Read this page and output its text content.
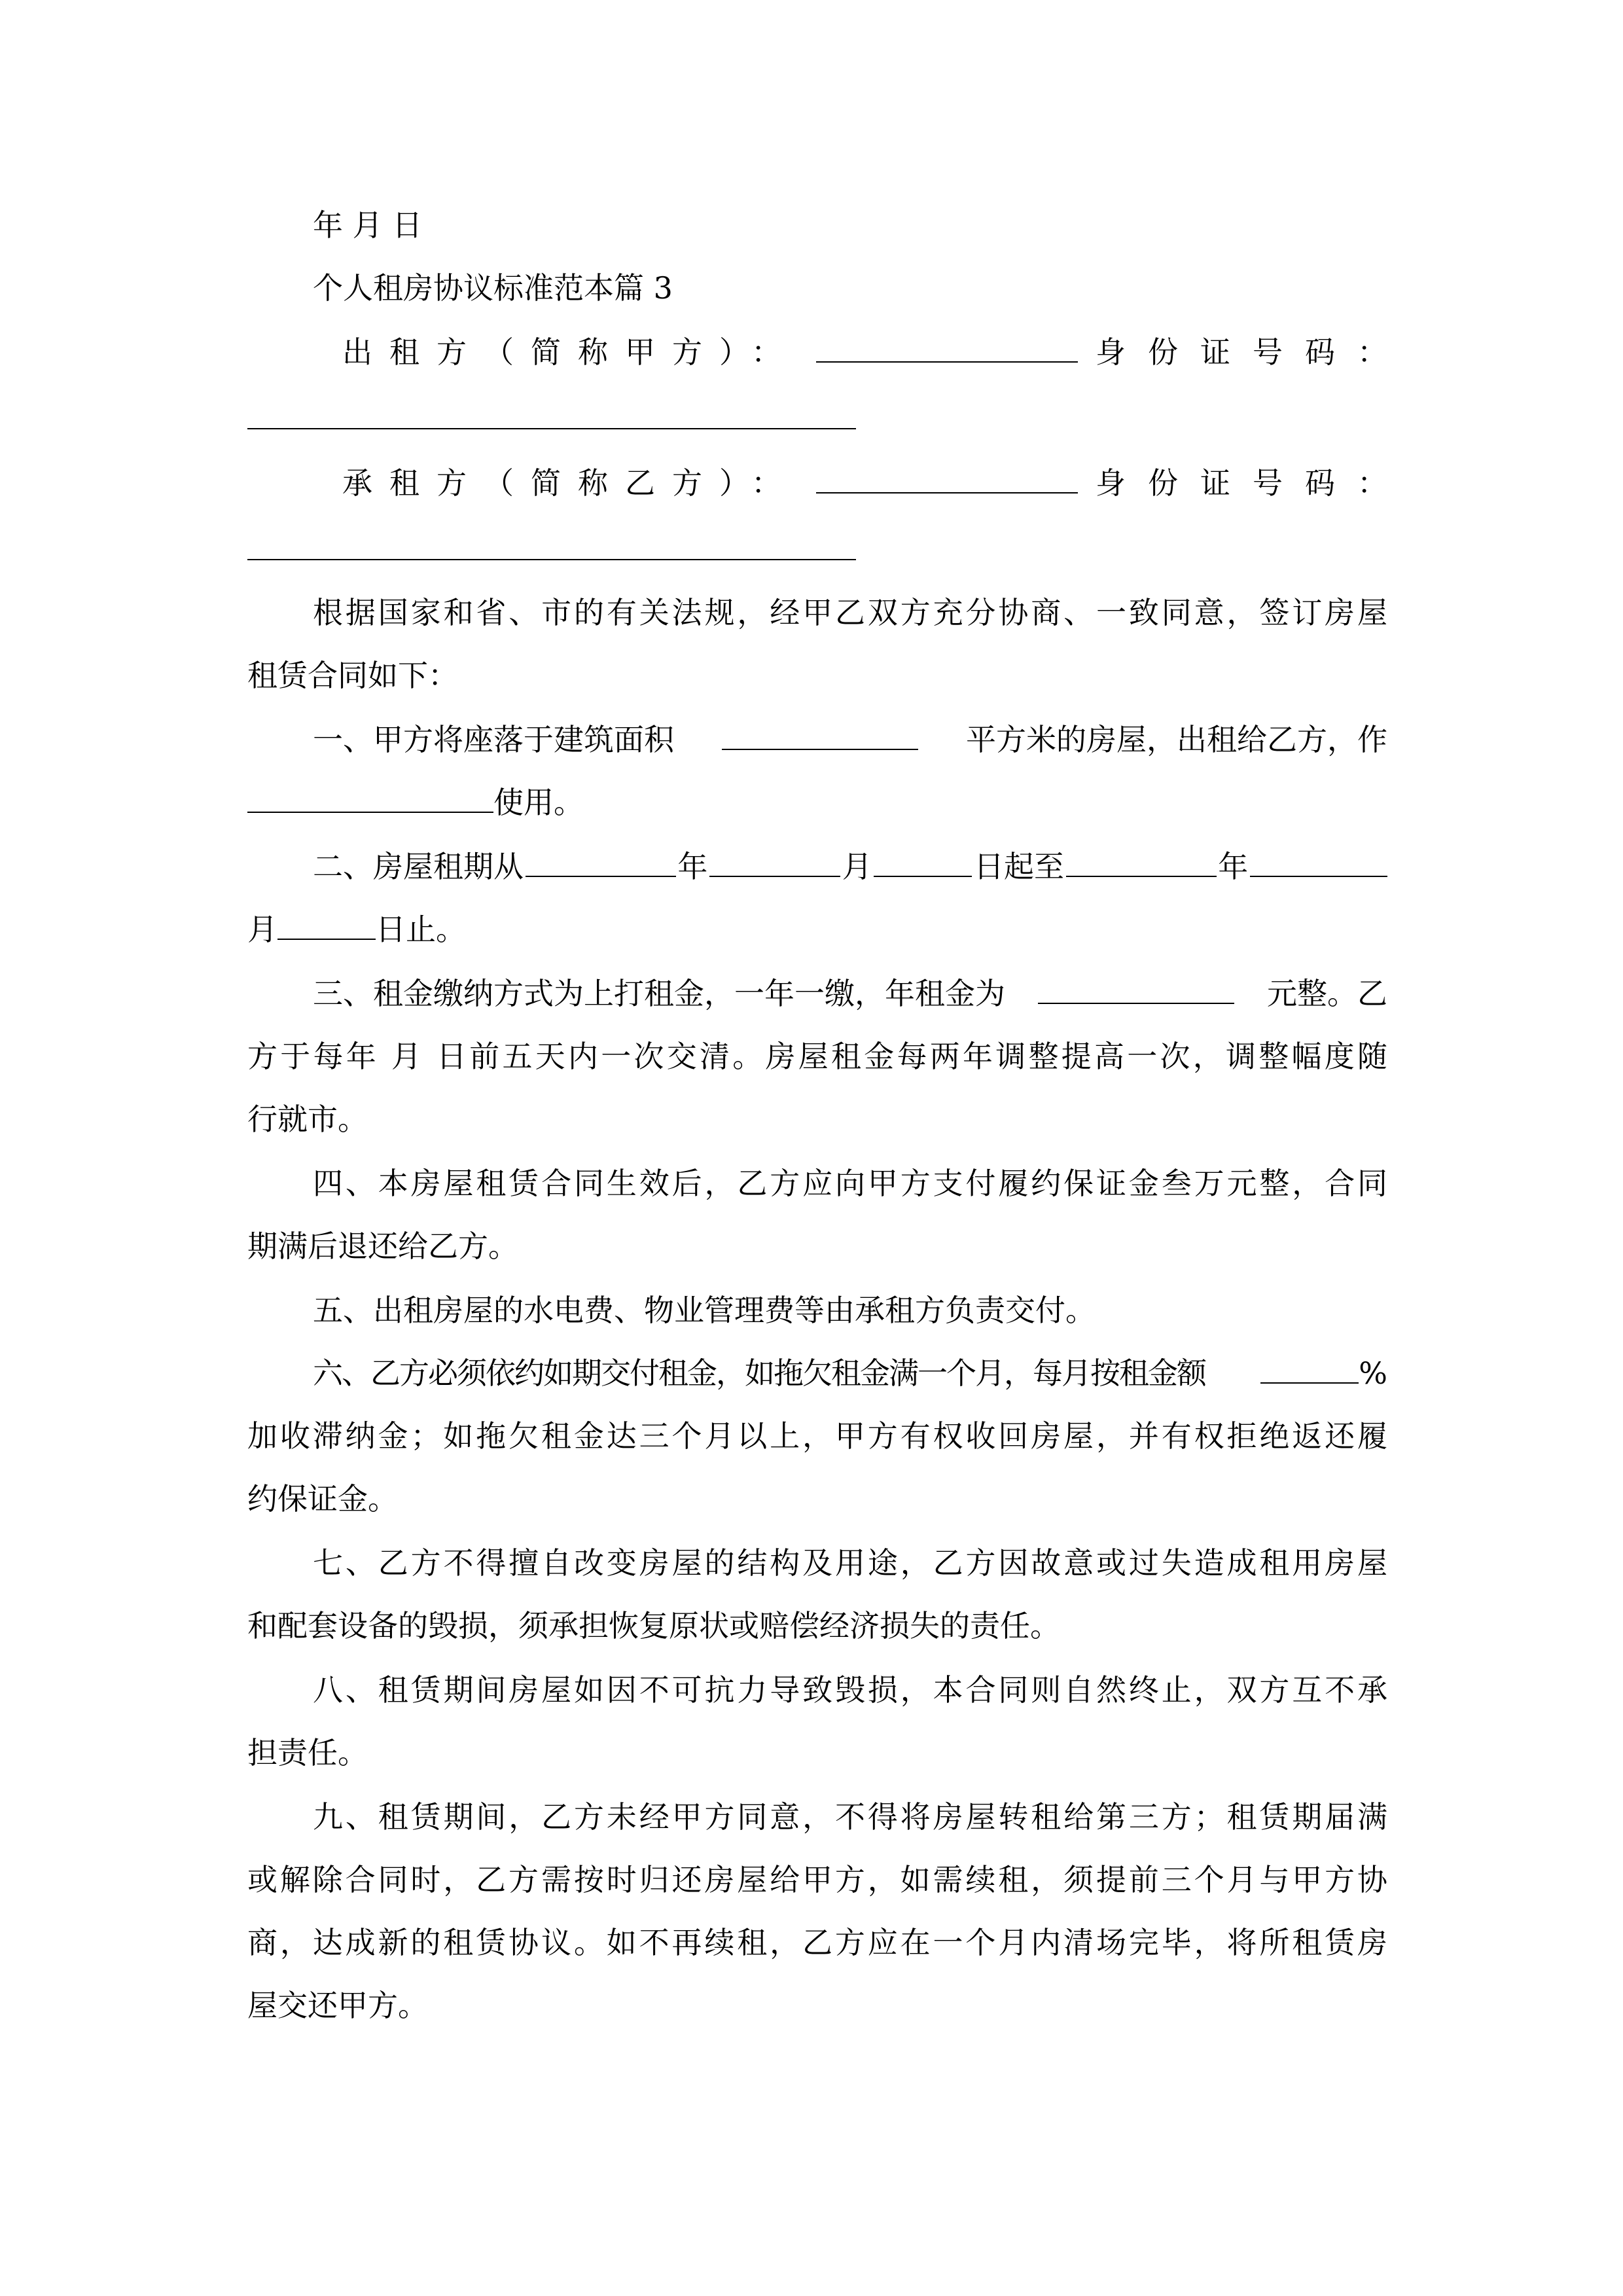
年 月 日
个人租房协议标准范本篇 3
出租方（简称甲方）：	身份证号码：
承租方（简称乙方）：	身份证号码：
根据国家和省、市的有关法规，经甲乙双方充分协商、一致同意，签订房屋
租赁合同如下：
一、甲方将座落于建筑面积	平方米的房屋，出租给乙方，作
使用。
二、房屋租期从	年	月	日起至	年
月	日止。
三、租金缴纳方式为上打租金，一年一缴，年租金为	元整。乙
方于每年 月 日前五天内一次交清。房屋租金每两年调整提高一次，调整幅度随
行就市。
四、本房屋租赁合同生效后，乙方应向甲方支付履约保证金叁万元整，合同
期满后退还给乙方。
五、出租房屋的水电费、物业管理费等由承租方负责交付。
六、乙方必须依约如期交付租金，如拖欠租金满一个月，每月按租金额	%
加收滞纳金；如拖欠租金达三个月以上，甲方有权收回房屋，并有权拒绝返还履
约保证金。
七、乙方不得擅自改变房屋的结构及用途，乙方因故意或过失造成租用房屋
和配套设备的毁损，须承担恢复原状或赔偿经济损失的责任。
八、租赁期间房屋如因不可抗力导致毁损，本合同则自然终止，双方互不承
担责任。
九、租赁期间，乙方未经甲方同意，不得将房屋转租给第三方；租赁期届满
或解除合同时，乙方需按时归还房屋给甲方，如需续租，须提前三个月与甲方协
商，达成新的租赁协议。如不再续租，乙方应在一个月内清场完毕，将所租赁房
屋交还甲方。
